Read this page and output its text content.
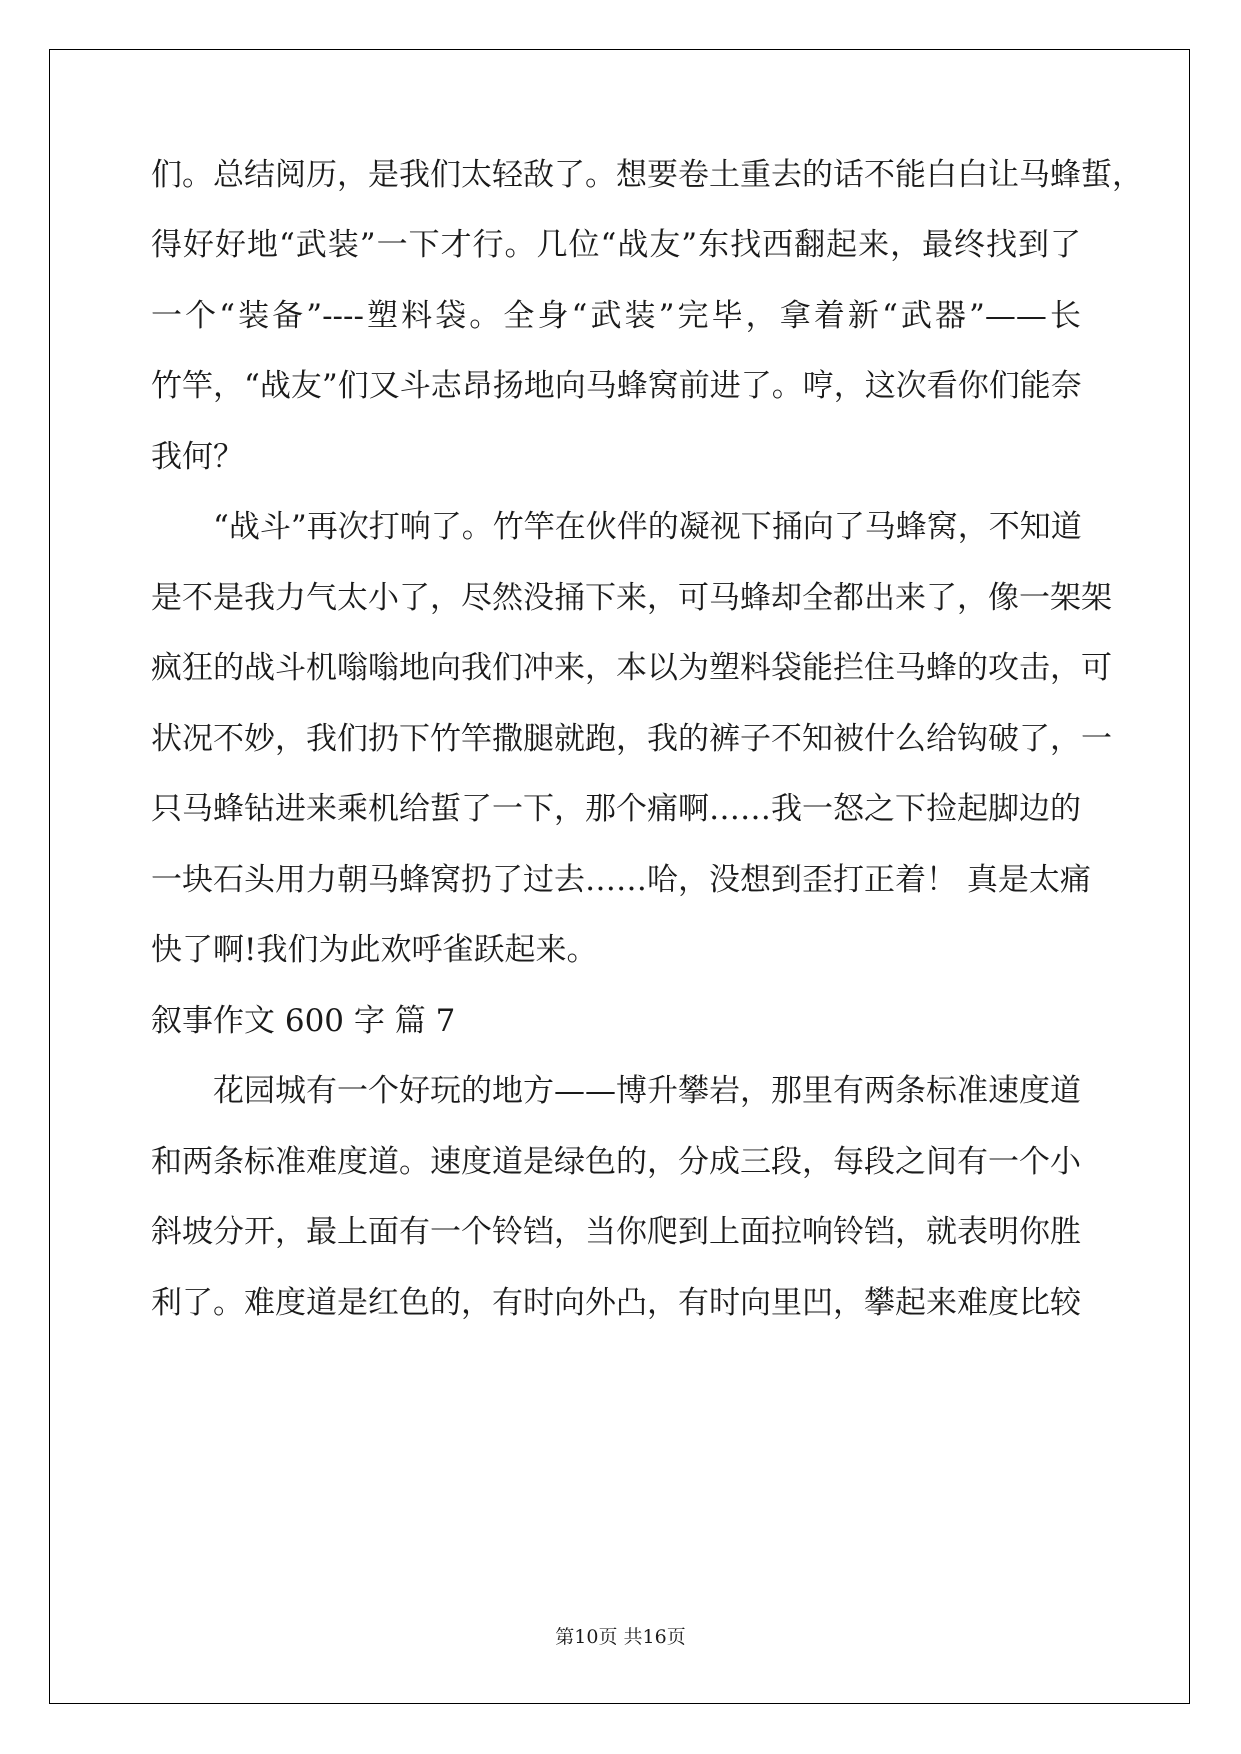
们。总结阅历，是我们太轻敌了。想要卷土重去的话不能白白让马蜂蜇，
得好好地“武装”一下才行。几位“战友”东找西翻起来，最终找到了
一个“装备”----塑料袋。全身“武装”完毕，拿着新“武器”——长
竹竿，“战友”们又斗志昂扬地向马蜂窝前进了。哼，这次看你们能奈
我何？
“战斗”再次打响了。竹竿在伙伴的凝视下捅向了马蜂窝，不知道
是不是我力气太小了，尽然没捅下来，可马蜂却全都出来了，像一架架
疯狂的战斗机嗡嗡地向我们冲来，本以为塑料袋能拦住马蜂的攻击，可
状况不妙，我们扔下竹竿撒腿就跑，我的裤子不知被什么给钩破了，一
只马蜂钻进来乘机给蜇了一下，那个痛啊……我一怒之下捡起脚边的
一块石头用力朝马蜂窝扔了过去……哈，没想到歪打正着！ 真是太痛
快了啊!我们为此欢呼雀跃起来。
叙事作文 600 字 篇 7
花园城有一个好玩的地方——博升攀岩，那里有两条标准速度道
和两条标准难度道。速度道是绿色的，分成三段，每段之间有一个小
斜坡分开，最上面有一个铃铛，当你爬到上面拉响铃铛，就表明你胜
利了。难度道是红色的，有时向外凸，有时向里凹，攀起来难度比较
第10页 共16页
